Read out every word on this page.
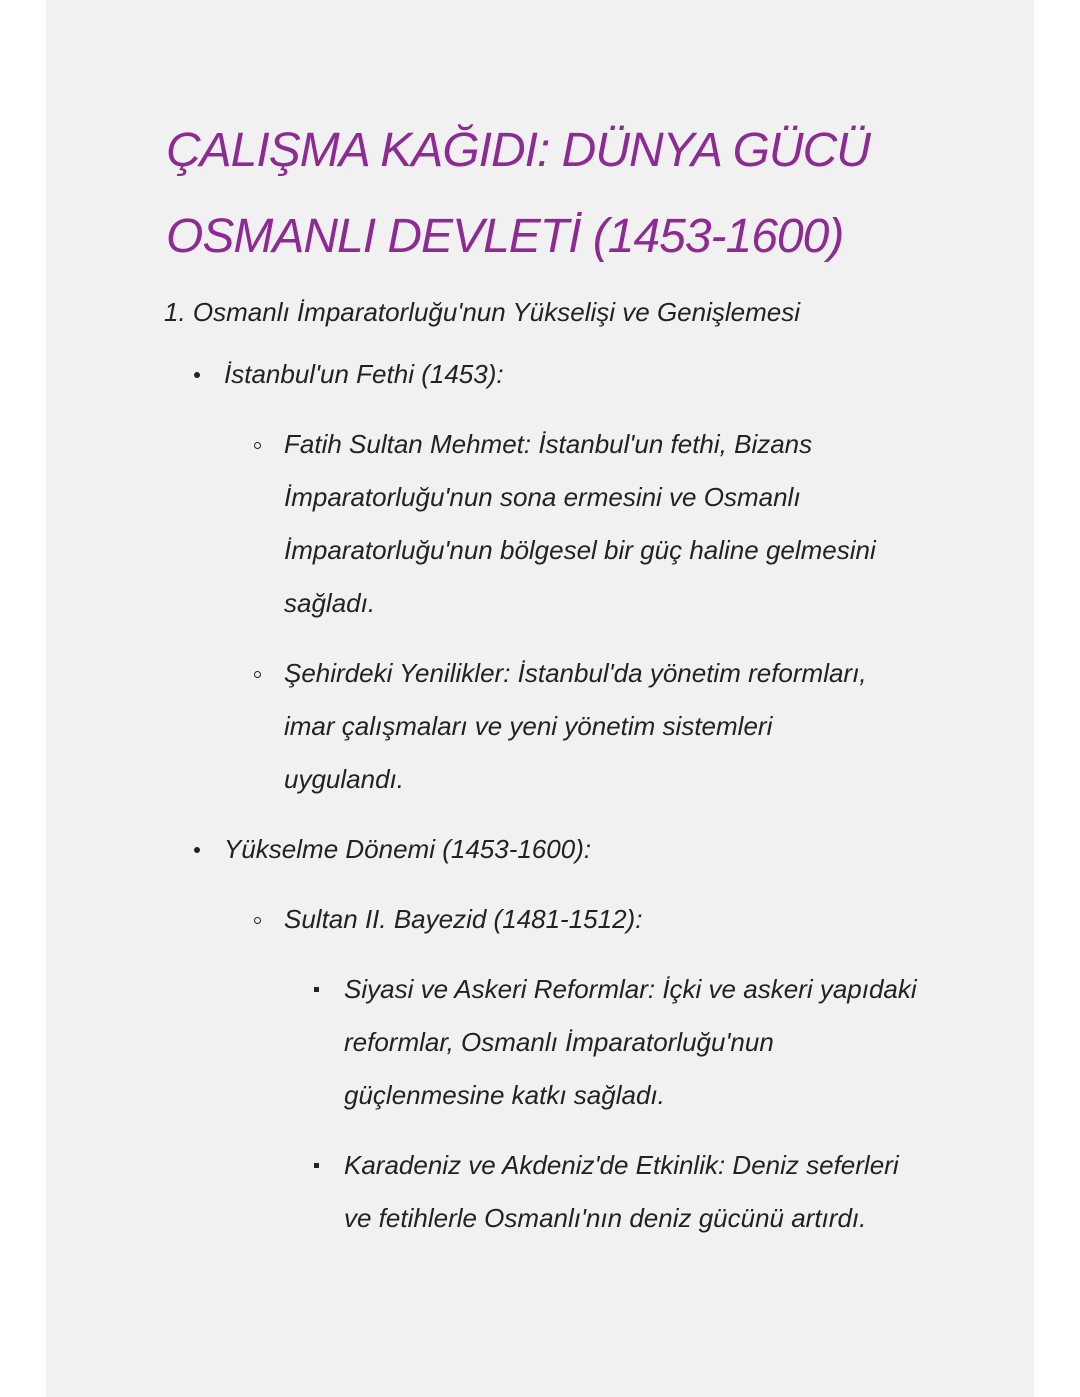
ÇALIŞMA KAĞIDI: DÜNYA GÜCÜ
OSMANLI DEVLETİ (1453-1600)
1. Osmanlı İmparatorluğu'nun Yükselişi ve Genişlemesi
İstanbul'un Fethi (1453):
Fatih Sultan Mehmet: İstanbul'un fethi, Bizans İmparatorluğu'nun sona ermesini ve Osmanlı İmparatorluğu'nun bölgesel bir güç haline gelmesini sağladı.
Şehirdeki Yenilikler: İstanbul'da yönetim reformları, imar çalışmaları ve yeni yönetim sistemleri uygulandı.
Yükselme Dönemi (1453-1600):
Sultan II. Bayezid (1481-1512):
Siyasi ve Askeri Reformlar: İçki ve askeri yapıdaki reformlar, Osmanlı İmparatorluğu'nun güçlenmesine katkı sağladı.
Karadeniz ve Akdeniz'de Etkinlik: Deniz seferleri ve fetihlerle Osmanlı'nın deniz gücünü artırdı.
